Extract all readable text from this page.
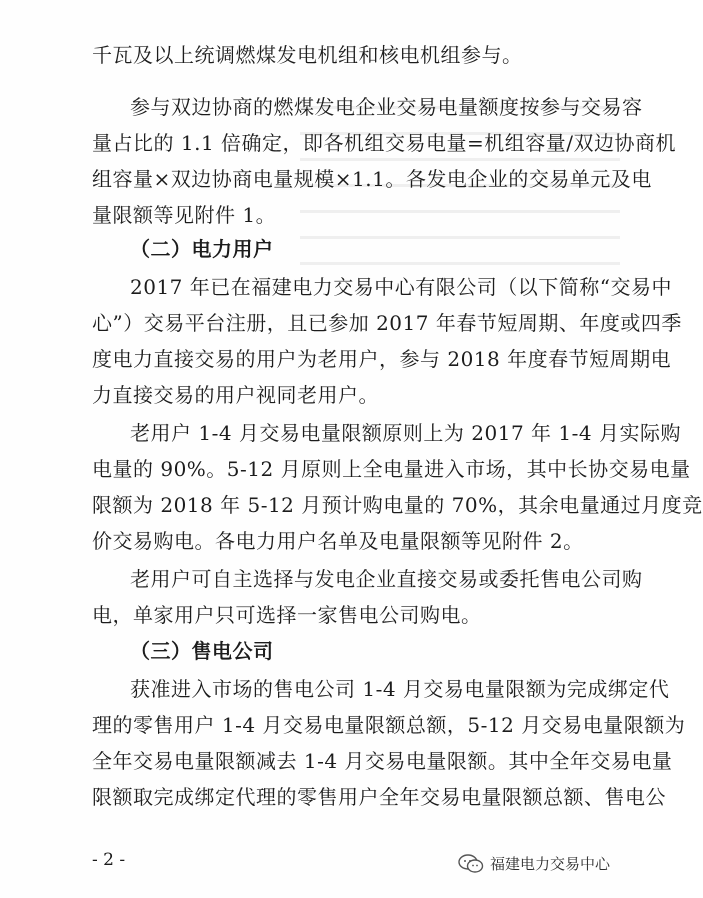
千瓦及以上统调燃煤发电机组和核电机组参与。
参与双边协商的燃煤发电企业交易电量额度按参与交易容
量占比的 1.1 倍确定，即各机组交易电量=机组容量/双边协商机
组容量×双边协商电量规模×1.1。各发电企业的交易单元及电
量限额等见附件 1。
（二）电力用户
2017 年已在福建电力交易中心有限公司（以下简称“交易中
心”）交易平台注册，且已参加 2017 年春节短周期、年度或四季
度电力直接交易的用户为老用户，参与 2018 年度春节短周期电
力直接交易的用户视同老用户。
老用户 1-4 月交易电量限额原则上为 2017 年 1-4 月实际购
电量的 90%。5-12 月原则上全电量进入市场，其中长协交易电量
限额为 2018 年 5-12 月预计购电量的 70%，其余电量通过月度竞
价交易购电。各电力用户名单及电量限额等见附件 2。
老用户可自主选择与发电企业直接交易或委托售电公司购
电，单家用户只可选择一家售电公司购电。
（三）售电公司
获准进入市场的售电公司 1-4 月交易电量限额为完成绑定代
理的零售用户 1-4 月交易电量限额总额，5-12 月交易电量限额为
全年交易电量限额减去 1-4 月交易电量限额。其中全年交易电量
限额取完成绑定代理的零售用户全年交易电量限额总额、售电公
- 2 -	福建电力交易中心
